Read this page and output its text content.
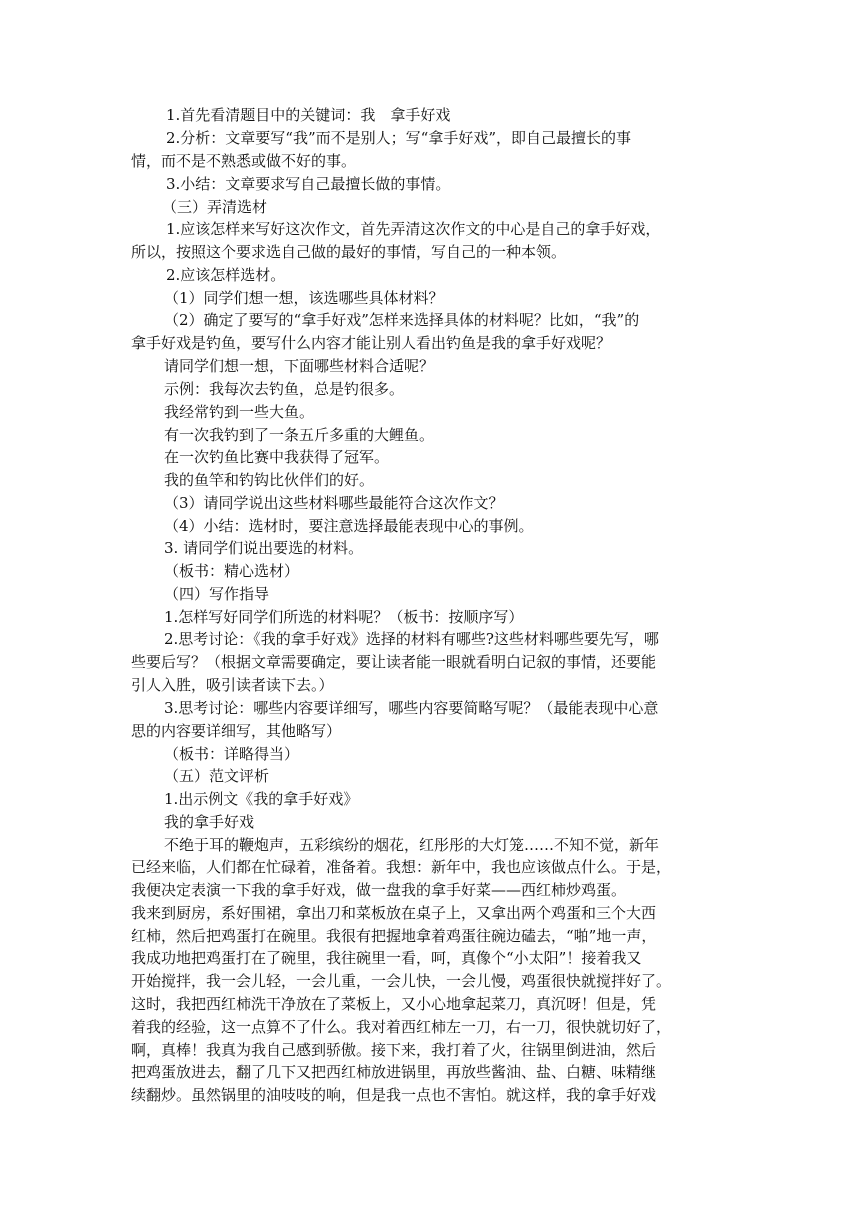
1.首先看清题目中的关键词：我　拿手好戏
2.分析：文章要写“我”而不是别人；写“拿手好戏”，即自己最擅长的事
情，而不是不熟悉或做不好的事。
3.小结：文章要求写自己最擅长做的事情。
（三）弄清选材
1.应该怎样来写好这次作文，首先弄清这次作文的中心是自己的拿手好戏，
所以，按照这个要求选自己做的最好的事情，写自己的一种本领。
2.应该怎样选材。
（1）同学们想一想，该选哪些具体材料？
（2）确定了要写的“拿手好戏”怎样来选择具体的材料呢？比如，“我”的
拿手好戏是钓鱼，要写什么内容才能让别人看出钓鱼是我的拿手好戏呢？
请同学们想一想，下面哪些材料合适呢？
示例：我每次去钓鱼，总是钓很多。
我经常钓到一些大鱼。
有一次我钓到了一条五斤多重的大鲤鱼。
在一次钓鱼比赛中我获得了冠军。
我的鱼竿和钓钩比伙伴们的好。
（3）请同学说出这些材料哪些最能符合这次作文？
（4）小结：选材时，要注意选择最能表现中心的事例。
3. 请同学们说出要选的材料。
（板书：精心选材）
（四）写作指导
1.怎样写好同学们所选的材料呢？（板书：按顺序写）
2.思考讨论：《我的拿手好戏》选择的材料有哪些?这些材料哪些要先写，哪
些要后写？（根据文章需要确定，要让读者能一眼就看明白记叙的事情，还要能
引人入胜，吸引读者读下去。）
3.思考讨论：哪些内容要详细写，哪些内容要简略写呢？（最能表现中心意
思的内容要详细写，其他略写）
（板书：详略得当）
（五）范文评析
1.出示例文《我的拿手好戏》
我的拿手好戏
不绝于耳的鞭炮声，五彩缤纷的烟花，红彤彤的大灯笼……不知不觉，新年
已经来临，人们都在忙碌着，准备着。我想：新年中，我也应该做点什么。于是，
我便决定表演一下我的拿手好戏，做一盘我的拿手好菜——西红柿炒鸡蛋。
我来到厨房，系好围裙，拿出刀和菜板放在桌子上，又拿出两个鸡蛋和三个大西
红柿，然后把鸡蛋打在碗里。我很有把握地拿着鸡蛋往碗边磕去，“啪”地一声，
我成功地把鸡蛋打在了碗里，我往碗里一看，呵，真像个“小太阳”！接着我又
开始搅拌，我一会儿轻，一会儿重，一会儿快，一会儿慢，鸡蛋很快就搅拌好了。
这时，我把西红柿洗干净放在了菜板上，又小心地拿起菜刀，真沉呀！但是，凭
着我的经验，这一点算不了什么。我对着西红柿左一刀，右一刀，很快就切好了，
啊，真棒！我真为我自己感到骄傲。接下来，我打着了火，往锅里倒进油，然后
把鸡蛋放进去，翻了几下又把西红柿放进锅里，再放些酱油、盐、白糖、味精继
续翻炒。虽然锅里的油吱吱的响，但是我一点也不害怕。就这样，我的拿手好戏
